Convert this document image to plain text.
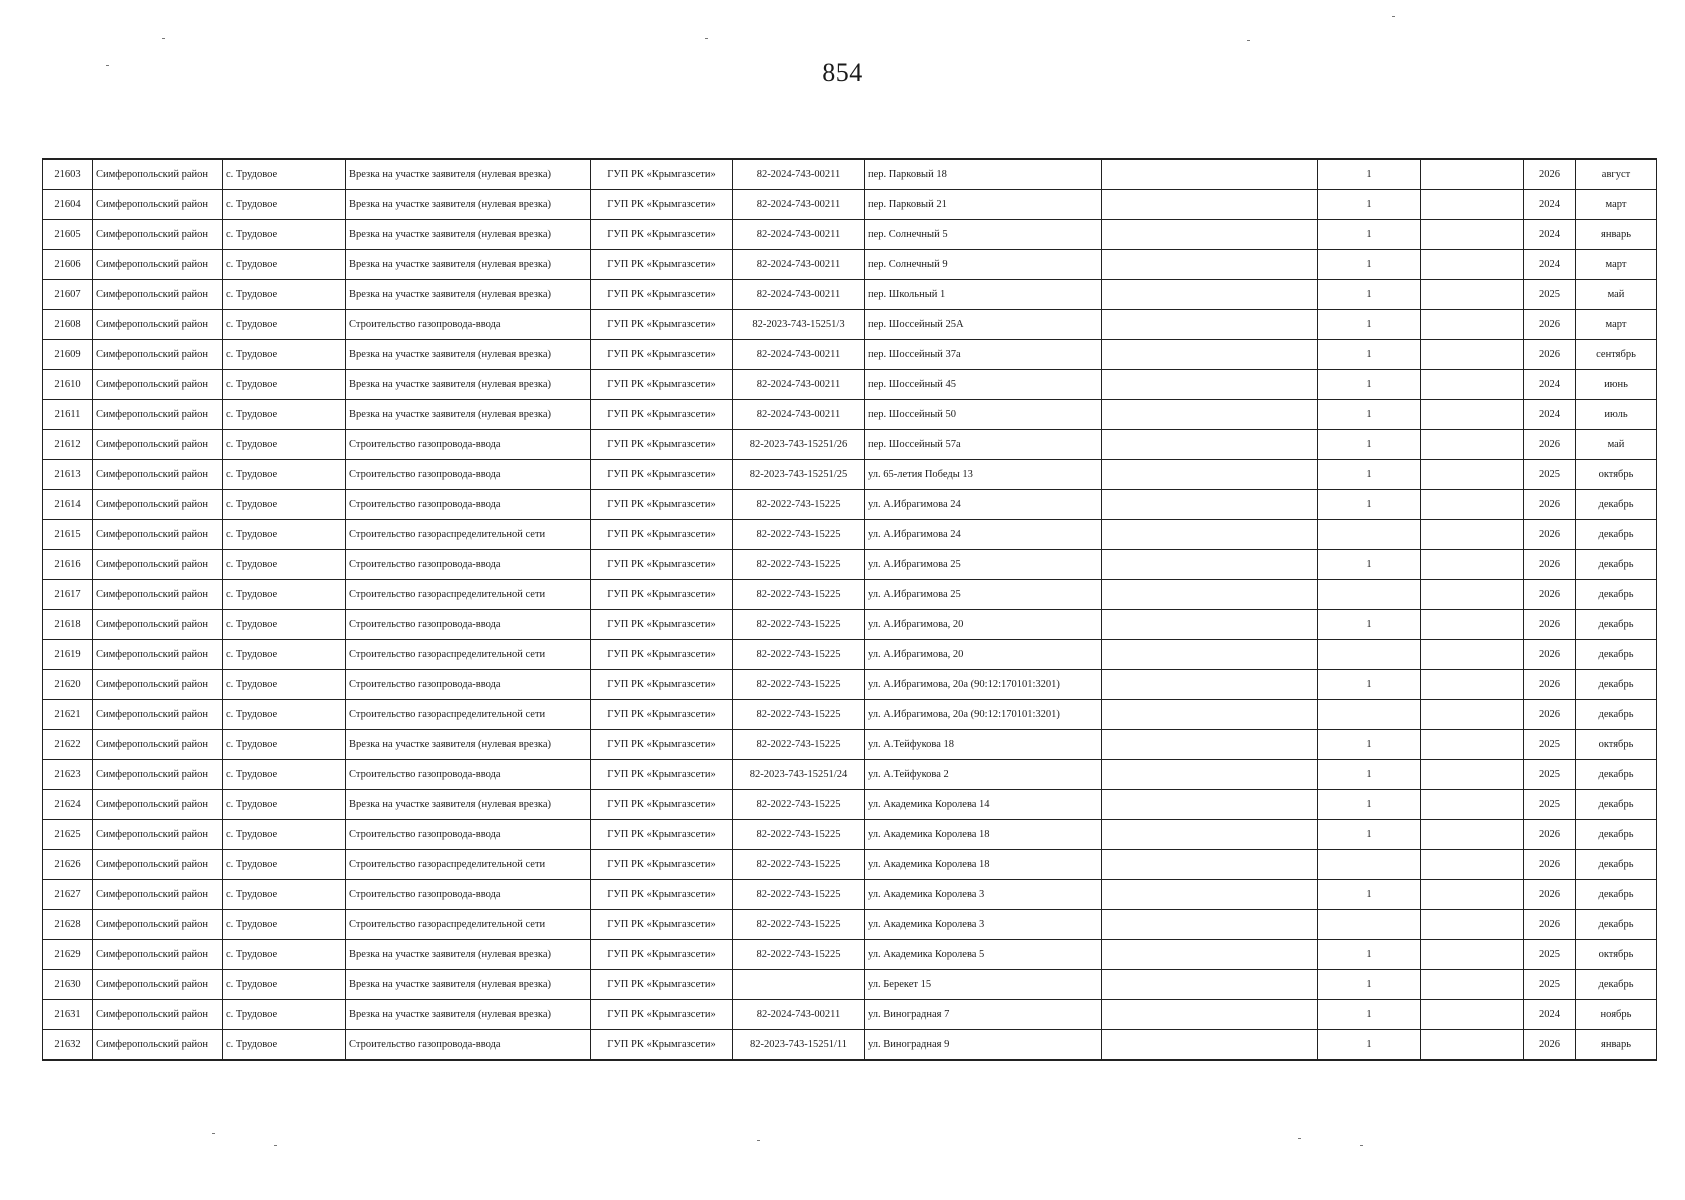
854
21603	Симферопольский район	с. Трудовое	Врезка на участке заявителя (нулевая врезка)	ГУП РК «Крымгазсети»	82-2024-743-00211	пер. Парковый 18		1		2026	август
21604	Симферопольский район	с. Трудовое	Врезка на участке заявителя (нулевая врезка)	ГУП РК «Крымгазсети»	82-2024-743-00211	пер. Парковый 21		1		2024	март
21605	Симферопольский район	с. Трудовое	Врезка на участке заявителя (нулевая врезка)	ГУП РК «Крымгазсети»	82-2024-743-00211	пер. Солнечный 5		1		2024	январь
21606	Симферопольский район	с. Трудовое	Врезка на участке заявителя (нулевая врезка)	ГУП РК «Крымгазсети»	82-2024-743-00211	пер. Солнечный 9		1		2024	март
21607	Симферопольский район	с. Трудовое	Врезка на участке заявителя (нулевая врезка)	ГУП РК «Крымгазсети»	82-2024-743-00211	пер. Школьный 1		1		2025	май
21608	Симферопольский район	с. Трудовое	Строительство газопровода-ввода	ГУП РК «Крымгазсети»	82-2023-743-15251/3	пер. Шоссейный 25А		1		2026	март
21609	Симферопольский район	с. Трудовое	Врезка на участке заявителя (нулевая врезка)	ГУП РК «Крымгазсети»	82-2024-743-00211	пер. Шоссейный 37а		1		2026	сентябрь
21610	Симферопольский район	с. Трудовое	Врезка на участке заявителя (нулевая врезка)	ГУП РК «Крымгазсети»	82-2024-743-00211	пер. Шоссейный 45		1		2024	июнь
21611	Симферопольский район	с. Трудовое	Врезка на участке заявителя (нулевая врезка)	ГУП РК «Крымгазсети»	82-2024-743-00211	пер. Шоссейный 50		1		2024	июль
21612	Симферопольский район	с. Трудовое	Строительство газопровода-ввода	ГУП РК «Крымгазсети»	82-2023-743-15251/26	пер. Шоссейный 57а		1		2026	май
21613	Симферопольский район	с. Трудовое	Строительство газопровода-ввода	ГУП РК «Крымгазсети»	82-2023-743-15251/25	ул. 65-летия Победы 13		1		2025	октябрь
21614	Симферопольский район	с. Трудовое	Строительство газопровода-ввода	ГУП РК «Крымгазсети»	82-2022-743-15225	ул. А.Ибрагимова 24		1		2026	декабрь
21615	Симферопольский район	с. Трудовое	Строительство газораспределительной сети	ГУП РК «Крымгазсети»	82-2022-743-15225	ул. А.Ибрагимова 24				2026	декабрь
21616	Симферопольский район	с. Трудовое	Строительство газопровода-ввода	ГУП РК «Крымгазсети»	82-2022-743-15225	ул. А.Ибрагимова 25		1		2026	декабрь
21617	Симферопольский район	с. Трудовое	Строительство газораспределительной сети	ГУП РК «Крымгазсети»	82-2022-743-15225	ул. А.Ибрагимова 25				2026	декабрь
21618	Симферопольский район	с. Трудовое	Строительство газопровода-ввода	ГУП РК «Крымгазсети»	82-2022-743-15225	ул. А.Ибрагимова, 20		1		2026	декабрь
21619	Симферопольский район	с. Трудовое	Строительство газораспределительной сети	ГУП РК «Крымгазсети»	82-2022-743-15225	ул. А.Ибрагимова, 20				2026	декабрь
21620	Симферопольский район	с. Трудовое	Строительство газопровода-ввода	ГУП РК «Крымгазсети»	82-2022-743-15225	ул. А.Ибрагимова, 20а (90:12:170101:3201)		1		2026	декабрь
21621	Симферопольский район	с. Трудовое	Строительство газораспределительной сети	ГУП РК «Крымгазсети»	82-2022-743-15225	ул. А.Ибрагимова, 20а (90:12:170101:3201)				2026	декабрь
21622	Симферопольский район	с. Трудовое	Врезка на участке заявителя (нулевая врезка)	ГУП РК «Крымгазсети»	82-2022-743-15225	ул. А.Тейфукова 18		1		2025	октябрь
21623	Симферопольский район	с. Трудовое	Строительство газопровода-ввода	ГУП РК «Крымгазсети»	82-2023-743-15251/24	ул. А.Тейфукова 2		1		2025	декабрь
21624	Симферопольский район	с. Трудовое	Врезка на участке заявителя (нулевая врезка)	ГУП РК «Крымгазсети»	82-2022-743-15225	ул. Академика Королева 14		1		2025	декабрь
21625	Симферопольский район	с. Трудовое	Строительство газопровода-ввода	ГУП РК «Крымгазсети»	82-2022-743-15225	ул. Академика Королева 18		1		2026	декабрь
21626	Симферопольский район	с. Трудовое	Строительство газораспределительной сети	ГУП РК «Крымгазсети»	82-2022-743-15225	ул. Академика Королева 18				2026	декабрь
21627	Симферопольский район	с. Трудовое	Строительство газопровода-ввода	ГУП РК «Крымгазсети»	82-2022-743-15225	ул. Академика Королева 3		1		2026	декабрь
21628	Симферопольский район	с. Трудовое	Строительство газораспределительной сети	ГУП РК «Крымгазсети»	82-2022-743-15225	ул. Академика Королева 3				2026	декабрь
21629	Симферопольский район	с. Трудовое	Врезка на участке заявителя (нулевая врезка)	ГУП РК «Крымгазсети»	82-2022-743-15225	ул. Академика Королева 5		1		2025	октябрь
21630	Симферопольский район	с. Трудовое	Врезка на участке заявителя (нулевая врезка)	ГУП РК «Крымгазсети»		ул. Берекет 15		1		2025	декабрь
21631	Симферопольский район	с. Трудовое	Врезка на участке заявителя (нулевая врезка)	ГУП РК «Крымгазсети»	82-2024-743-00211	ул. Виноградная 7		1		2024	ноябрь
21632	Симферопольский район	с. Трудовое	Строительство газопровода-ввода	ГУП РК «Крымгазсети»	82-2023-743-15251/11	ул. Виноградная 9		1		2026	январь
